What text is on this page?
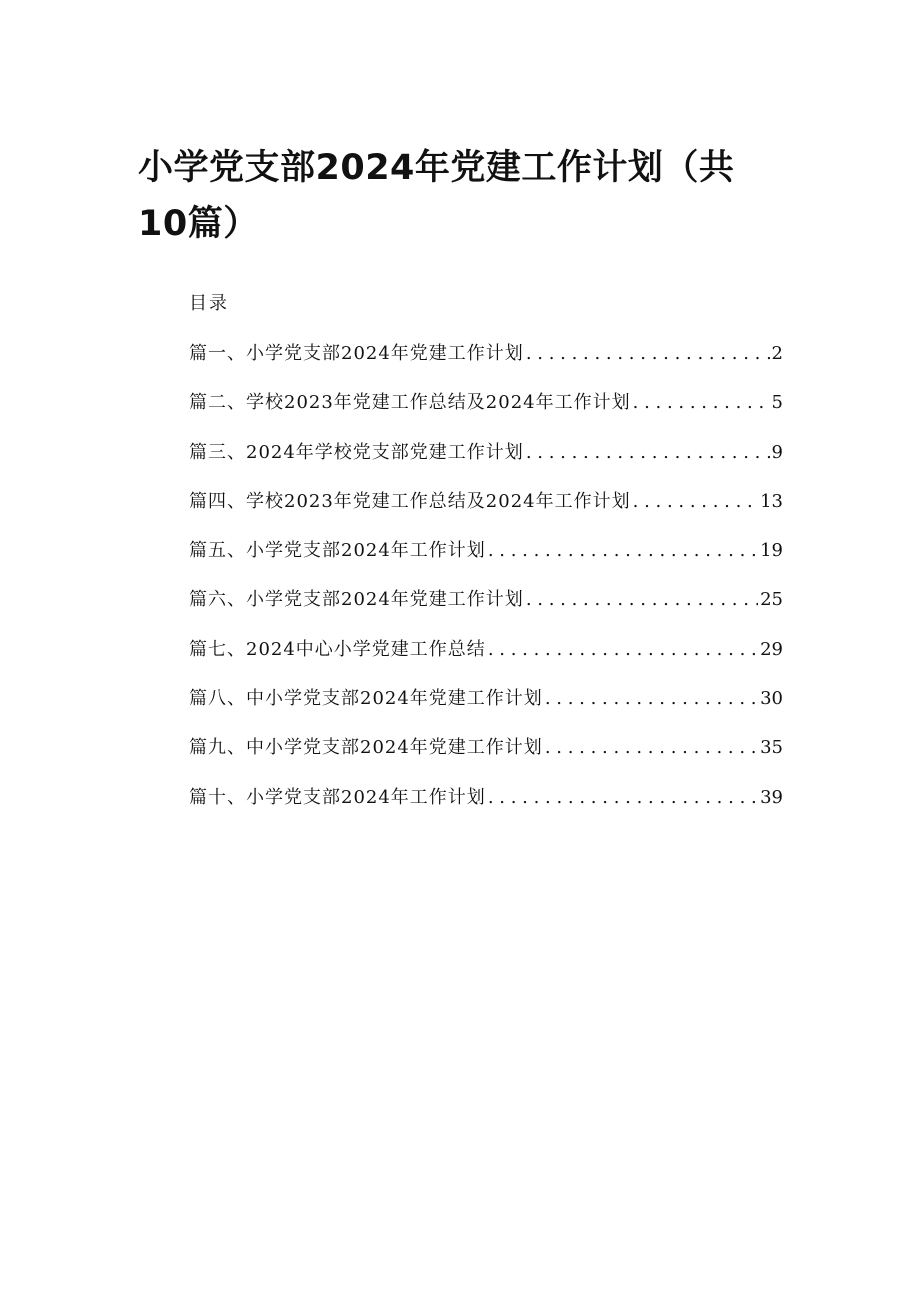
小学党支部2024年党建工作计划（共10篇）
目录
篇一、小学党支部2024年党建工作计划 . . .	2
篇二、学校2023年党建工作总结及2024年工作计划 . . .	5
篇三、2024年学校党支部党建工作计划 . . .	9
篇四、学校2023年党建工作总结及2024年工作计划 . . .	13
篇五、小学党支部2024年工作计划 . . .	19
篇六、小学党支部2024年党建工作计划 . . .	25
篇七、2024中心小学党建工作总结 . . .	29
篇八、中小学党支部2024年党建工作计划 . . .	30
篇九、中小学党支部2024年党建工作计划 . . .	35
篇十、小学党支部2024年工作计划 . . .	39
